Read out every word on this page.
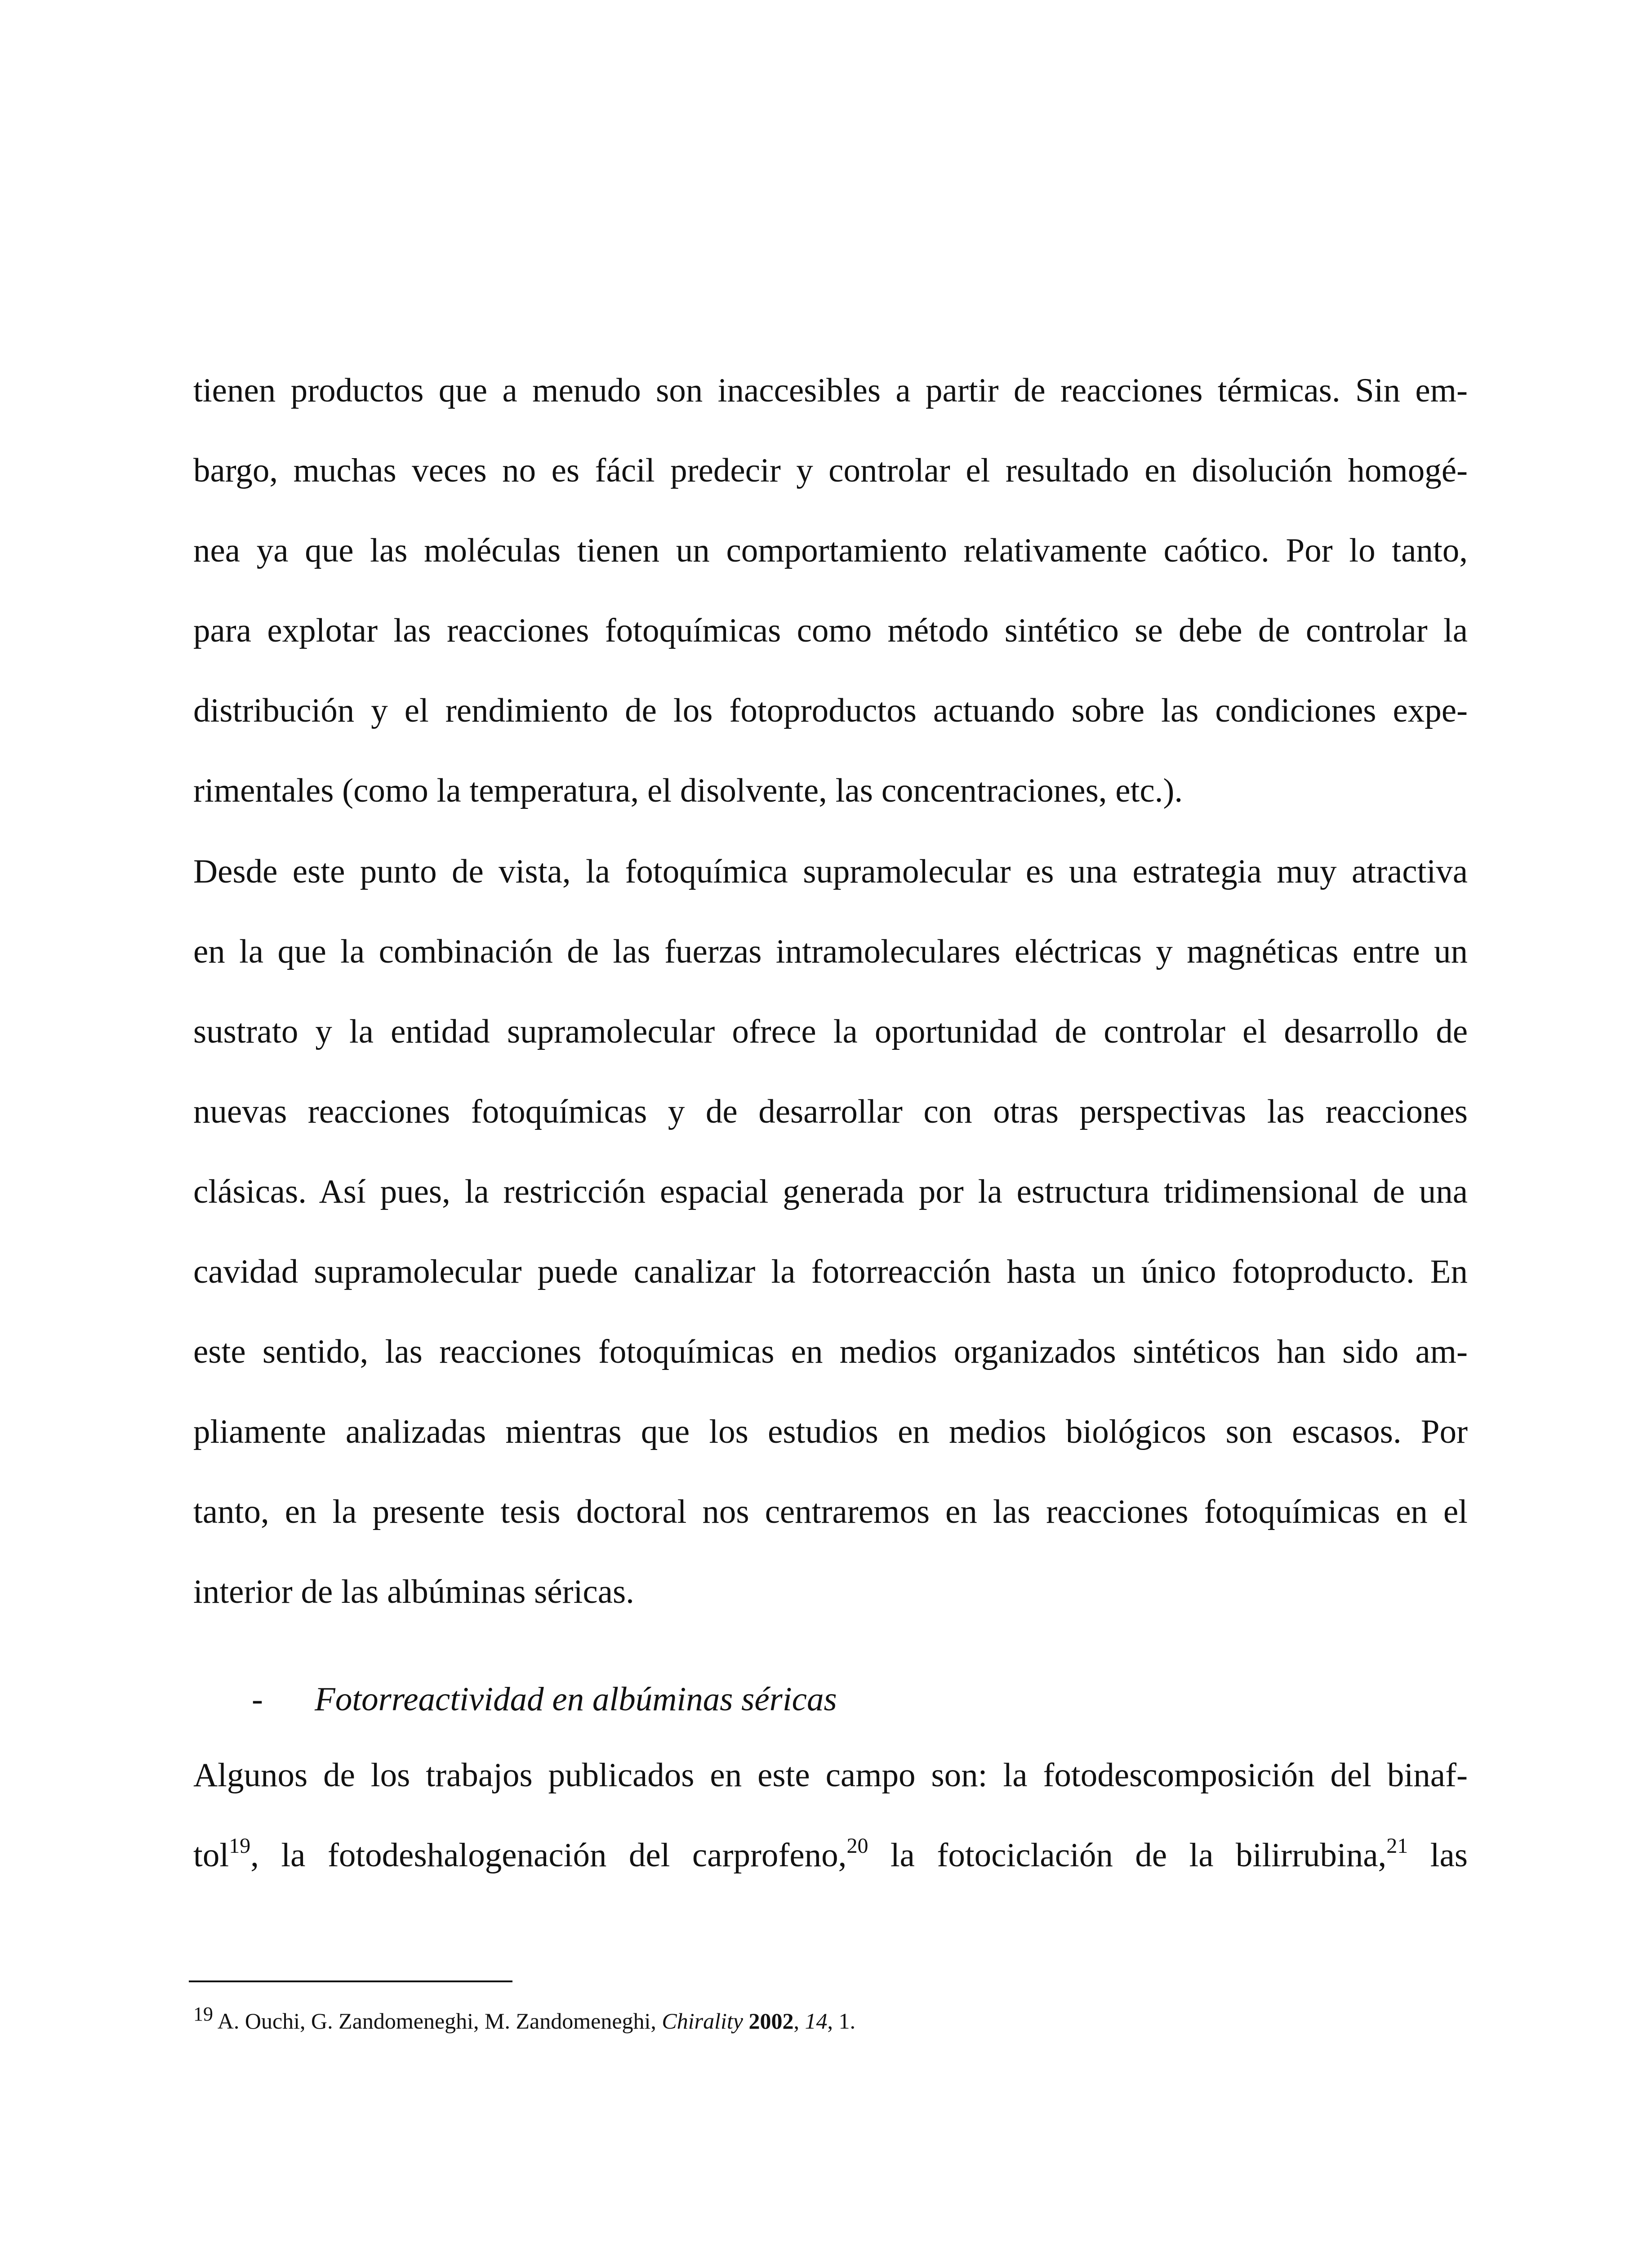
tienen productos que a menudo son inaccesibles a partir de reacciones térmicas. Sin em-
bargo, muchas veces no es fácil predecir y controlar el resultado en disolución homogé-
nea ya que las moléculas tienen un comportamiento relativamente caótico. Por lo tanto,
para explotar las reacciones fotoquímicas como método sintético se debe de controlar la
distribución y el rendimiento de los fotoproductos actuando sobre las condiciones expe-
rimentales (como la temperatura, el disolvente, las concentraciones, etc.).

Desde este punto de vista, la fotoquímica supramolecular es una estrategia muy atractiva
en la que la combinación de las fuerzas intramoleculares eléctricas y magnéticas entre un
sustrato y la entidad supramolecular ofrece la oportunidad de controlar el desarrollo de
nuevas reacciones fotoquímicas y de desarrollar con otras perspectivas las reacciones
clásicas. Así pues, la restricción espacial generada por la estructura tridimensional de una
cavidad supramolecular puede canalizar la fotorreacción hasta un único fotoproducto. En
este sentido, las reacciones fotoquímicas en medios organizados sintéticos han sido am-
pliamente analizadas mientras que los estudios en medios biológicos son escasos. Por
tanto, en la presente tesis doctoral nos centraremos en las reacciones fotoquímicas en el
interior de las albúminas séricas.

- Fotorreactividad en albúminas séricas

Algunos de los trabajos publicados en este campo son: la fotodescomposición del binaf-
tol$^{19}$, la fotodeshalogenación del carprofeno,$^{20}$ la fotociclación de la bilirrubina,$^{21}$ las

$^{19}$ A. Ouchi, G. Zandomeneghi, M. Zandomeneghi, Chirality 2002, 14, 1.
